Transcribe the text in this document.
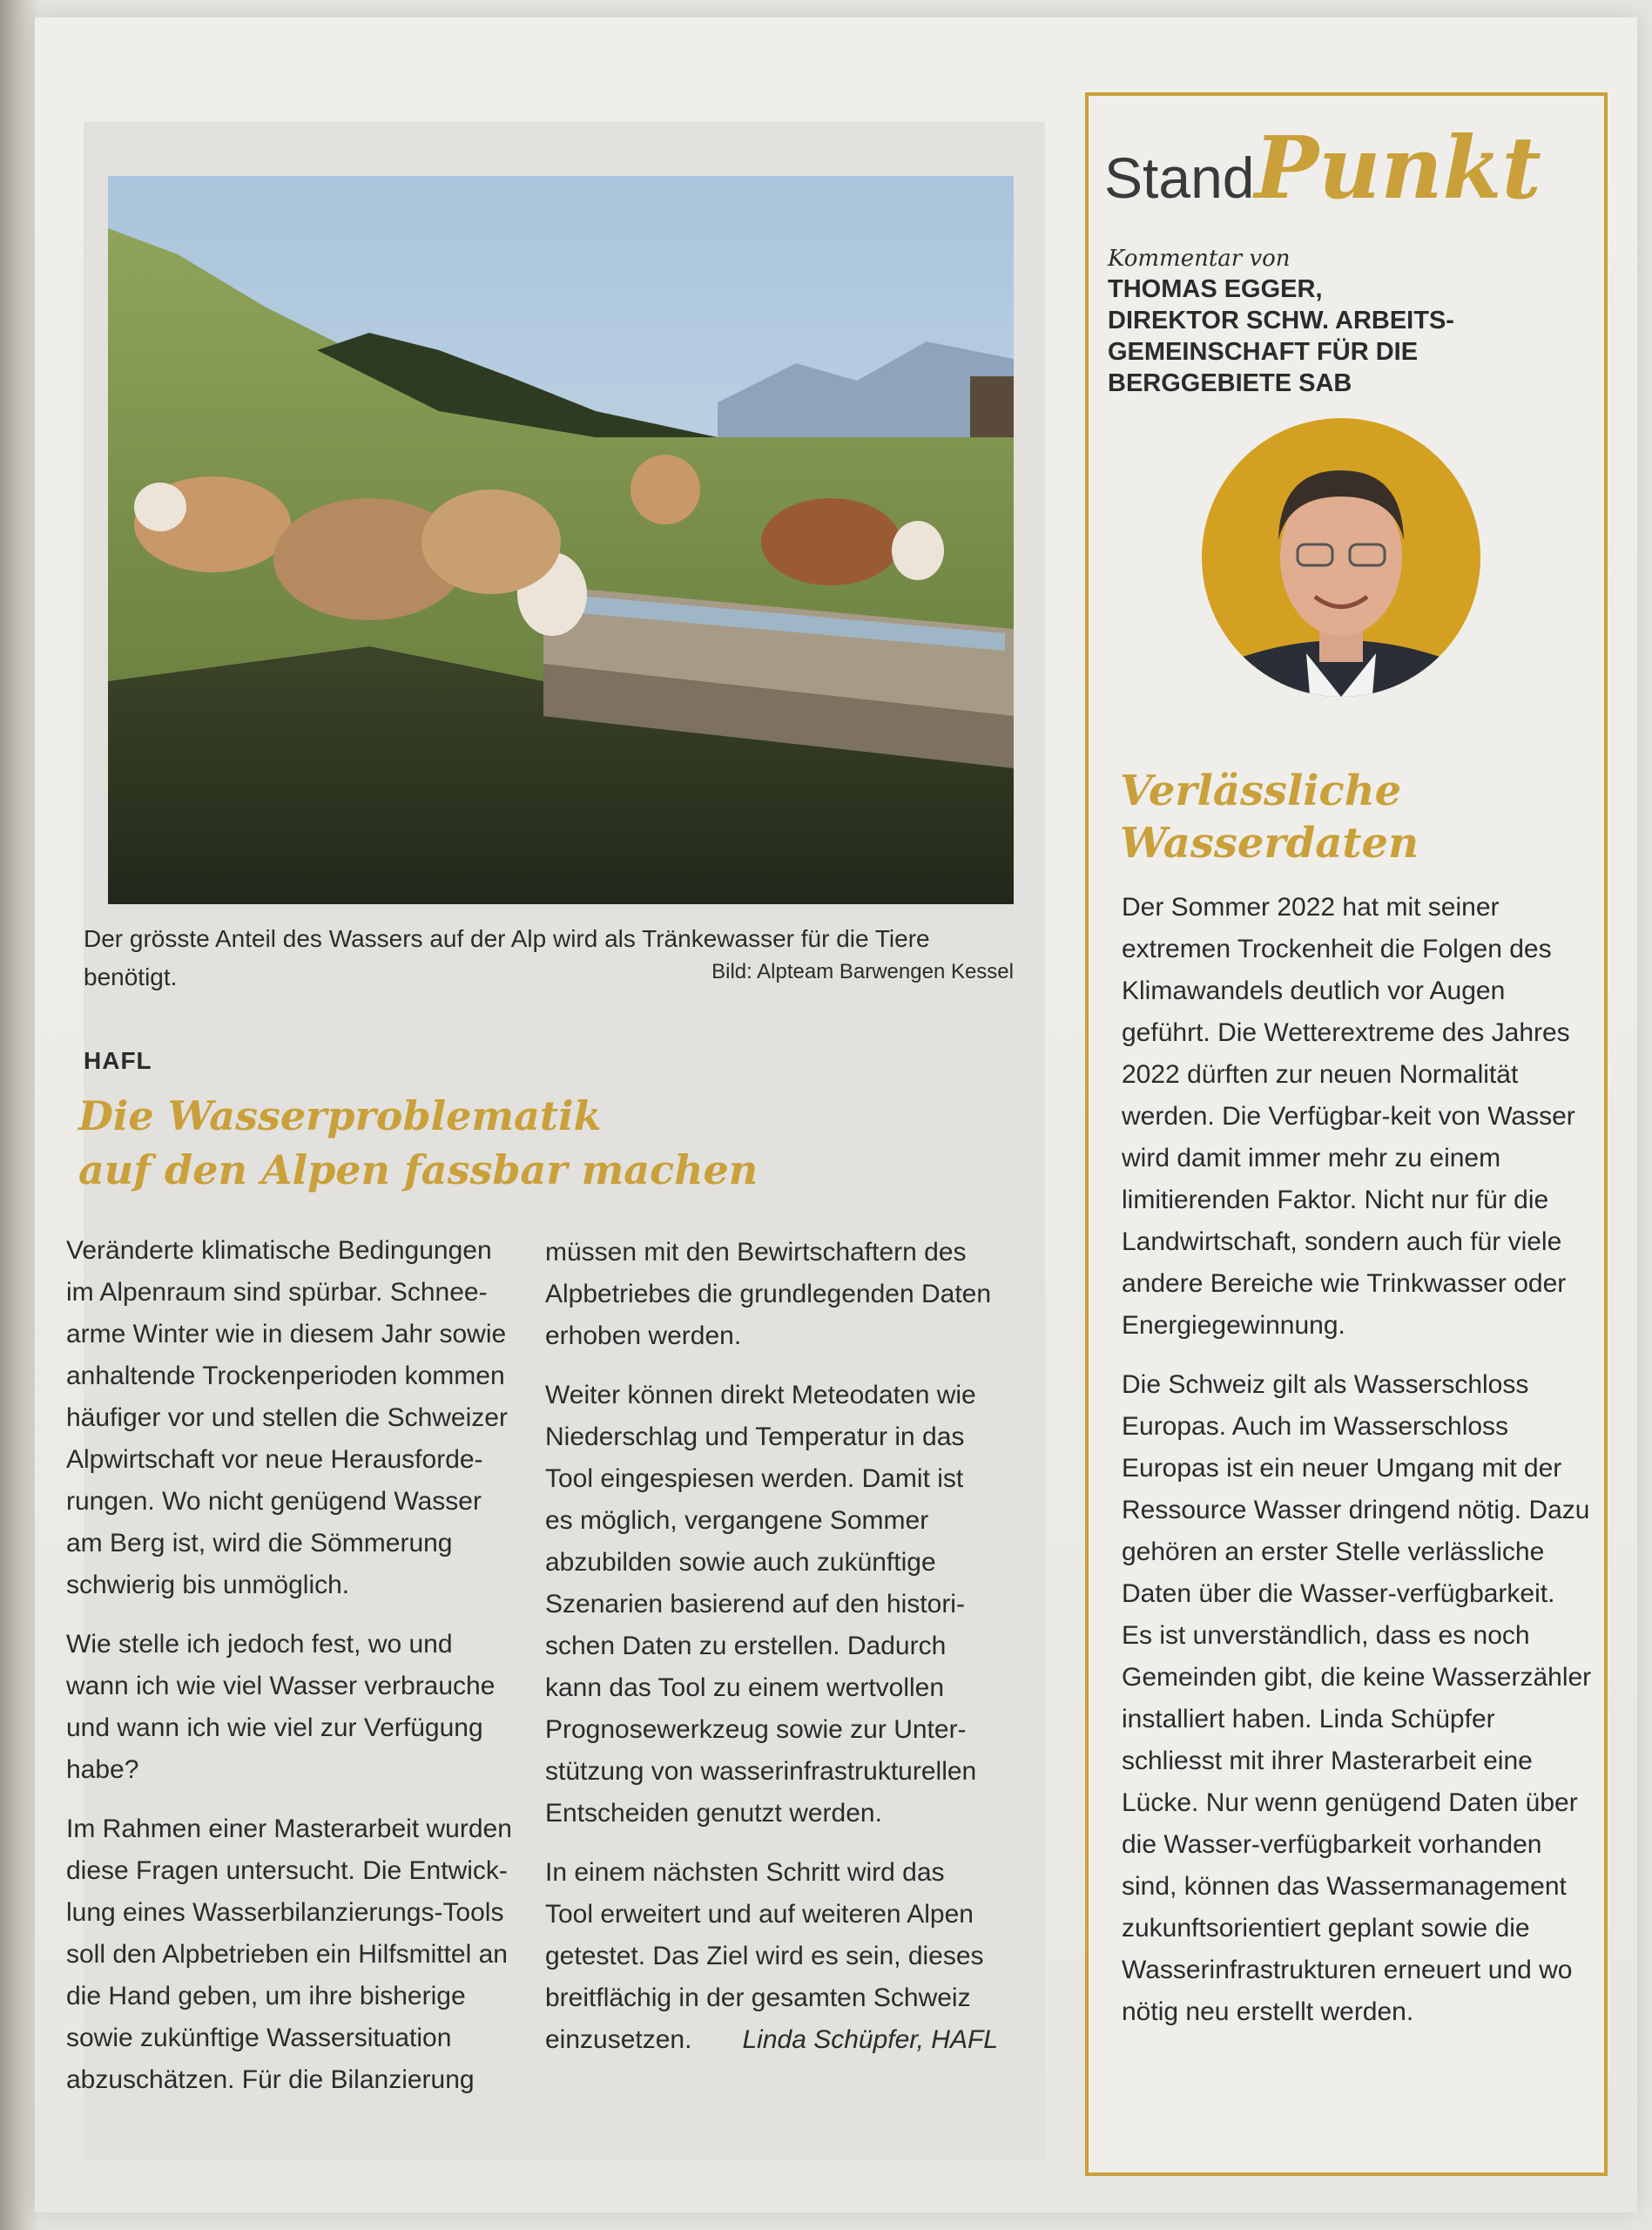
Der grösste Anteil des Wassers auf der Alp wird als Tränkewasser für die Tiere benötigt.	Bild: Alpteam Barwengen Kessel
HAFL
Die Wasserproblematik
auf den Alpen fassbar machen

Veränderte klimatische Bedingungen im Alpenraum sind spürbar. Schnee-arme Winter wie in diesem Jahr sowie anhaltende Trockenperioden kommen häufiger vor und stellen die Schweizer Alpwirtschaft vor neue Herausforde-rungen. Wo nicht genügend Wasser am Berg ist, wird die Sömmerung schwierig bis unmöglich.

Wie stelle ich jedoch fest, wo und wann ich wie viel Wasser verbrauche und wann ich wie viel zur Verfügung habe?

Im Rahmen einer Masterarbeit wurden diese Fragen untersucht. Die Entwick-lung eines Wasserbilanzierungs-Tools soll den Alpbetrieben ein Hilfsmittel an die Hand geben, um ihre bisherige sowie zukünftige Wassersituation abzuschätzen. Für die Bilanzierung

müssen mit den Bewirtschaftern des Alpbetriebes die grundlegenden Daten erhoben werden.

Weiter können direkt Meteodaten wie Niederschlag und Temperatur in das Tool eingespiesen werden. Damit ist es möglich, vergangene Sommer abzubilden sowie auch zukünftige Szenarien basierend auf den histori-schen Daten zu erstellen. Dadurch kann das Tool zu einem wertvollen Prognosewerkzeug sowie zur Unter-stützung von wasserinfrastrukturellen Entscheiden genutzt werden.

In einem nächsten Schritt wird das Tool erweitert und auf weiteren Alpen getestet. Das Ziel wird es sein, dieses breitflächig in der gesamten Schweiz einzusetzen. Linda Schüpfer, HAFL

StandPunkt
Kommentar von
THOMAS EGGER,
DIREKTOR SCHW. ARBEITS-
GEMEINSCHAFT FÜR DIE
BERGGEBIETE SAB
Verlässliche
Wasserdaten

Der Sommer 2022 hat mit seiner extremen Trockenheit die Folgen des Klimawandels deutlich vor Augen geführt. Die Wetterextreme des Jahres 2022 dürften zur neuen Normalität werden. Die Verfügbar-keit von Wasser wird damit immer mehr zu einem limitierenden Faktor. Nicht nur für die Landwirtschaft, sondern auch für viele andere Bereiche wie Trinkwasser oder Energiegewinnung.

Die Schweiz gilt als Wasserschloss Europas. Auch im Wasserschloss Europas ist ein neuer Umgang mit der Ressource Wasser dringend nötig. Dazu gehören an erster Stelle verlässliche Daten über die Wasser-verfügbarkeit. Es ist unverständlich, dass es noch Gemeinden gibt, die keine Wasserzähler installiert haben. Linda Schüpfer schliesst mit ihrer Masterarbeit eine Lücke. Nur wenn genügend Daten über die Wasser-verfügbarkeit vorhanden sind, können das Wassermanagement zukunftsorientiert geplant sowie die Wasserinfrastrukturen erneuert und wo nötig neu erstellt werden.
